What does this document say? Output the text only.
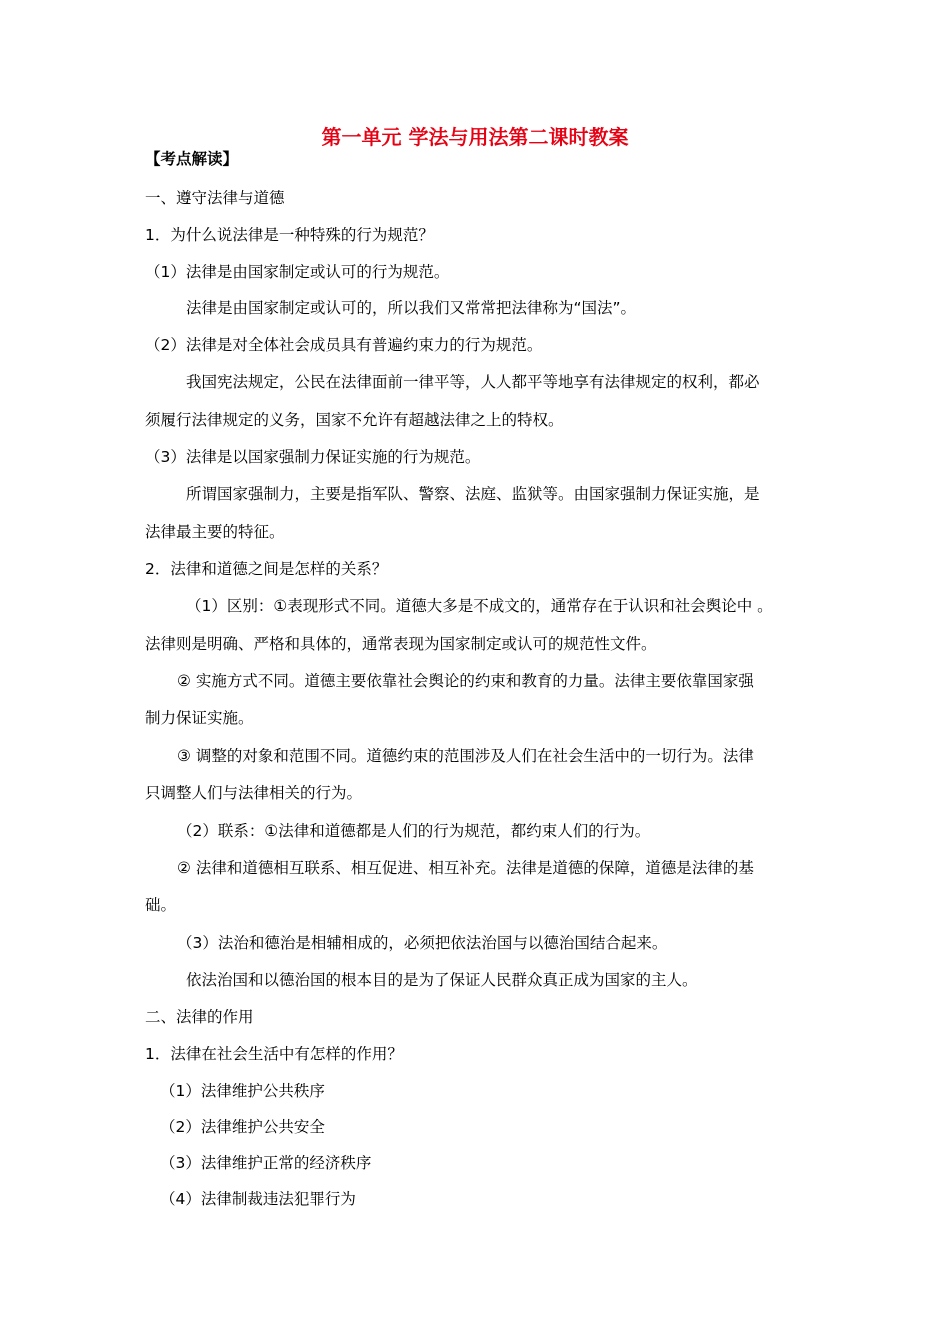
第一单元 学法与用法第二课时教案
【考点解读】
一、遵守法律与道德
1．为什么说法律是一种特殊的行为规范？
（1）法律是由国家制定或认可的行为规范。
法律是由国家制定或认可的，所以我们又常常把法律称为“国法”。
（2）法律是对全体社会成员具有普遍约束力的行为规范。
我国宪法规定，公民在法律面前一律平等，人人都平等地享有法律规定的权利，都必
须履行法律规定的义务，国家不允许有超越法律之上的特权。
（3）法律是以国家强制力保证实施的行为规范。
所谓国家强制力，主要是指军队、警察、法庭、监狱等。由国家强制力保证实施，是
法律最主要的特征。
2．法律和道德之间是怎样的关系？
（1）区别：①表现形式不同。道德大多是不成文的，通常存在于认识和社会舆论中 。
法律则是明确、严格和具体的，通常表现为国家制定或认可的规范性文件。
② 实施方式不同。道德主要依靠社会舆论的约束和教育的力量。法律主要依靠国家强
制力保证实施。
③ 调整的对象和范围不同。道德约束的范围涉及人们在社会生活中的一切行为。法律
只调整人们与法律相关的行为。
（2）联系：①法律和道德都是人们的行为规范，都约束人们的行为。
② 法律和道德相互联系、相互促进、相互补充。法律是道德的保障，道德是法律的基
础。
（3）法治和德治是相辅相成的，必须把依法治国与以德治国结合起来。
依法治国和以德治国的根本目的是为了保证人民群众真正成为国家的主人。
二、法律的作用
1．法律在社会生活中有怎样的作用？
（1）法律维护公共秩序
（2）法律维护公共安全
（3）法律维护正常的经济秩序
（4）法律制裁违法犯罪行为
